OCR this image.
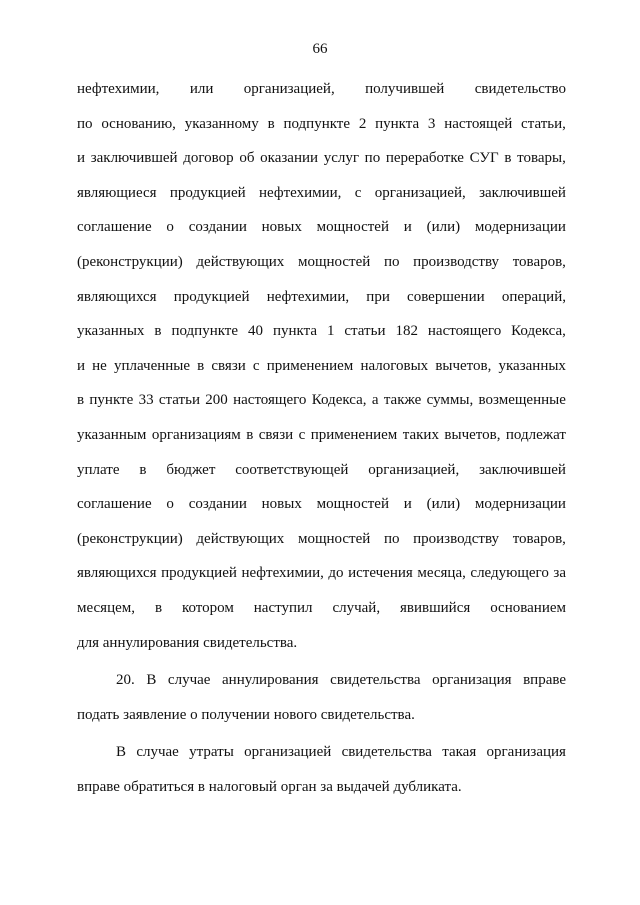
66
нефтехимии, или организацией, получившей свидетельство
по основанию, указанному в подпункте 2 пункта 3 настоящей статьи,
и заключившей договор об оказании услуг по переработке СУГ в товары,
являющиеся продукцией нефтехимии, с организацией, заключившей
соглашение о создании новых мощностей и (или) модернизации
(реконструкции) действующих мощностей по производству товаров,
являющихся продукцией нефтехимии, при совершении операций,
указанных в подпункте 40 пункта 1 статьи 182 настоящего Кодекса,
и не уплаченные в связи с применением налоговых вычетов, указанных
в пункте 33 статьи 200 настоящего Кодекса, а также суммы, возмещенные
указанным организациям в связи с применением таких вычетов, подлежат
уплате в бюджет соответствующей организацией, заключившей
соглашение о создании новых мощностей и (или) модернизации
(реконструкции) действующих мощностей по производству товаров,
являющихся продукцией нефтехимии, до истечения месяца, следующего за
месяцем, в котором наступил случай, явившийся основанием
для аннулирования свидетельства.
20. В случае аннулирования свидетельства организация вправе
подать заявление о получении нового свидетельства.
В случае утраты организацией свидетельства такая организация
вправе обратиться в налоговый орган за выдачей дубликата.
